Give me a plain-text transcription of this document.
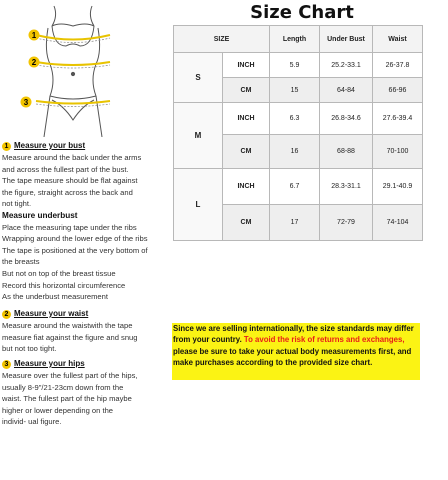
1
2
3
Size Chart
SIZE		Length	Under Bust	Waist
S	INCH	5.9	25.2-33.1	26-37.8
	CM	15	64-84	66-96
M	INCH	6.3	26.8-34.6	27.6-39.4
	CM	16	68-88	70-100
L	INCH	6.7	28.3-31.1	29.1-40.9
	CM	17	72-79	74-104
1 Measure your bust
Measure around the back under the arms
and across the fullest part of the bust.
The tape measure should be flat against
the figure, straight across the back and
not tight.
Measure underbust
Place the measuring tape under the ribs
Wrapping around the lower edge of the ribs
The tape is positioned at the very bottom of
the breasts
But not on top of the breast tissue
Record this horizontal circumference
As the underbust measurement
2 Measure your waist
Measure around the waistwith the tape
measure fiat against the figure and snug
but not too tight.
3 Measure your hips
Measure over the fullest part of the hips,
usually 8-9"/21-23cm down from the
waist. The fullest part of the hip maybe
higher or lower depending on the
individ- ual figure.
Since we are selling internationally, the size standards may differ from your country. To avoid the risk of returns and exchanges, please be sure to take your actual body measurements first, and make purchases according to the provided size chart.
